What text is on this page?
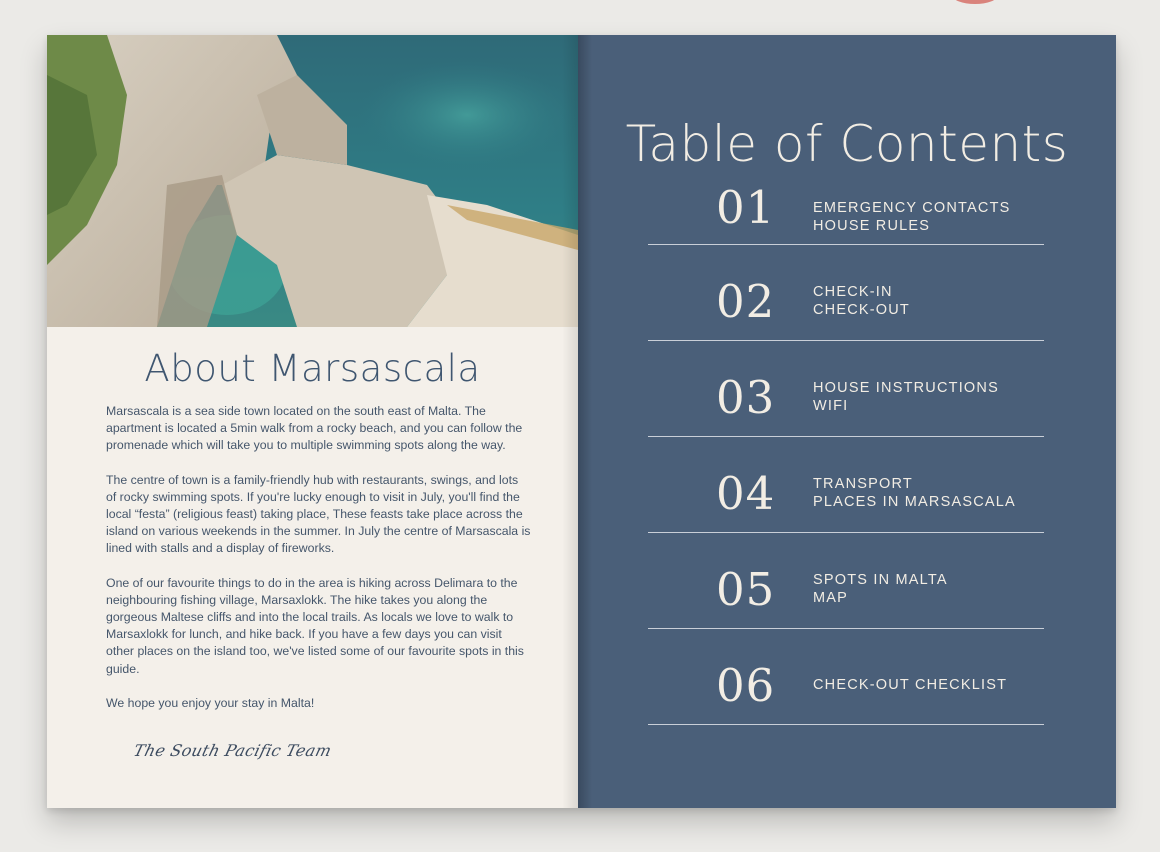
About Marsascala

Marsascala is a sea side town located on the south east of Malta. The apartment is located a 5min walk from a rocky beach, and you can follow the promenade which will take you to multiple swimming spots along the way.

The centre of town is a family-friendly hub with restaurants, swings, and lots of rocky swimming spots. If you're lucky enough to visit in July, you'll find the local “festa” (religious feast) taking place, These feasts take place across the island on various weekends in the summer. In July the centre of Marsascala is lined with stalls and a display of fireworks.

One of our favourite things to do in the area is hiking across Delimara to the neighbouring fishing village, Marsaxlokk. The hike takes you along the gorgeous Maltese cliffs and into the local trails. As locals we love to walk to Marsaxlokk for lunch, and hike back. If you have a few days you can visit other places on the island too, we've listed some of our favourite spots in this guide.

We hope you enjoy your stay in Malta!

The South Pacific Team
Table of Contents
01	EMERGENCY CONTACTS
HOUSE RULES
02	CHECK-IN
CHECK-OUT
03	HOUSE INSTRUCTIONS
WIFI
04	TRANSPORT
PLACES IN MARSASCALA
05	SPOTS IN MALTA
MAP
06	CHECK-OUT CHECKLIST
